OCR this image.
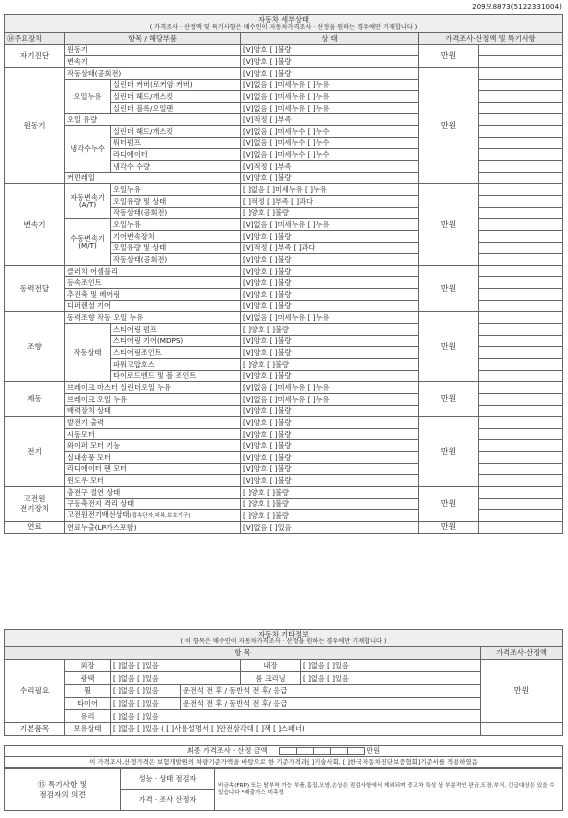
209모8873(5122331004)
자동차 세부상태
( 가격조사 · 산정액 및 특기사항은 매수인이 자동차가격조사 · 산정을 원하는 경우에만 기재합니다 )					

⑭주요장치	항목 / 해당부품		상 태	가격조사·산정액 및 특기사항	
자기진단	원동기		[V]양호 [ ]불량	만원	
	변속기		[V]양호 [ ]불량		
원동기	작동상태(공회전)		[V]양호 [ ]불량	만원	
	오일누유	실린더 커버(로커암 커버)	[V]없음 [ ]미세누유 [ ]누유		
		실린더 헤드/개스킷	[V]없음 [ ]미세누유 [ ]누유		
		실린더 블록/오일팬	[V]없음 [ ]미세누유 [ ]누유		
	오일 유량		[V]적정 [ ]부족		
	냉각수누수	실린더 헤드/개스킷	[V]없음 [ ]미세누수 [ ]누수		
		워터펌프	[V]없음 [ ]미세누수 [ ]누수		
		라디에이터	[V]없음 [ ]미세누수 [ ]누수		
		냉각수 수량	[V]적정 [ ]부족		
	커먼레일		[V]양호 [ ]불량		
변속기	자동변속기
(A/T)	오일누유	[ ]없음 [ ]미세누유 [ ]누유	만원	
		오일유량 및 상태	[ ]적정 [ ]부족 [ ]과다		
		작동상태(공회전)	[ ]양호 [ ]불량		
	수동변속기
(M/T)	오일누유	[V]없음 [ ]미세누유 [ ]누유		
		기어변속장치	[V]양호 [ ]불량		
		오일유량 및 상태	[V]적정 [ ]부족 [ ]과다		
		작동상태(공회전)	[V]양호 [ ]불량		
동력전달	클러치 어셈블리		[V]양호 [ ]불량	만원	
	등속조인트		[V]양호 [ ]불량		
	추진축 및 베어링		[V]양호 [ ]불량		
	디퍼렌셜 기어		[V]양호 [ ]불량		
조향	동력조향 작동 오일 누유		[V]없음 [ ]미세누유 [ ]누유	만원	
	작동상태	스티어링 펌프	[ ]양호 [ ]불량		
		스티어링 기어(MDPS)	[V]양호 [ ]불량		
		스티어링조인트	[V]양호 [ ]불량		
		파워고압호스	[ ]양호 [ ]불량		
		타이로드엔드 및 볼 조인트	[V]양호 [ ]불량		
제동	브레이크 마스터 실린더오일 누유		[V]없음 [ ]미세누유 [ ]누유	만원	
	브레이크 오일 누유		[V]없음 [ ]미세누유 [ ]누유		
	배력장치 상태		[V]양호 [ ]불량		
전기	발전기 출력		[V]양호 [ ]불량	만원	
	시동모터		[V]양호 [ ]불량		
	와이퍼 모터 기능		[V]양호 [ ]불량		
	실내송풍 모터		[V]양호 [ ]불량		
	라디에이터 팬 모터		[V]양호 [ ]불량		
	윈도우 모터		[V]양호 [ ]불량		
고전원
전기장치	충전구 절연 상태		[ ]양호 [ ]불량	만원	
	구동축전지 격리 상태		[ ]양호 [ ]불량		
	고전원전기배선상태(접속단자,피복,보호기구)		[ ]양호 [ ]불량		
연료	연료누출(LP가스포함)		[V]없음 [ ]있음	만원	
자동차 기타정보
( 이 항목은 매수인이 자동차가격조사 · 산정을 원하는 경우에만 기재합니다 )						

항 목						가격조사·산정액
수리필요	외장	[ ]없음 [ ]있음		내장	[ ]없음 [ ]있음	만원
	광택	[ ]없음 [ ]있음		룸 크리닝	[ ]없음 [ ]있음	
	휠	[ ]없음 [ ]있음	운전석 전 후 / 동반석 전 후/ 응급			
	타이어	[ ]없음 [ ]있음	운전석 전 후 / 동반석 전 후/ 응급			
	유리	[ ]없음 [ ]있음				
기본품목	보유상태	[ ]없음 [ ]있음 ( [ ]사용설명서 [ ]안전삼각대 [ ]잭 [ ]스패너)				
최종 가격조사 · 산정 금액	만원
이 가격조사,산정가격은 보험개발원의 차량기준가액을 바탕으로 한 기준가격과[ ]기술사회, [ ]한국자동차진단보증협회]기준서를 적용하였음
⑮ 특기사항 및
점검자의 의견	성능 · 상태 점검자	비금속(FRP) 또는 탈부착 가능 부품,흠집,오염,손상은 점검사항에서 제외되며 중고차 특성 상 부분적인 판금,도장,부식, 긴급대상은 있을 수 있습니다 *배출가스 미측정
가격 · 조사 산정자
